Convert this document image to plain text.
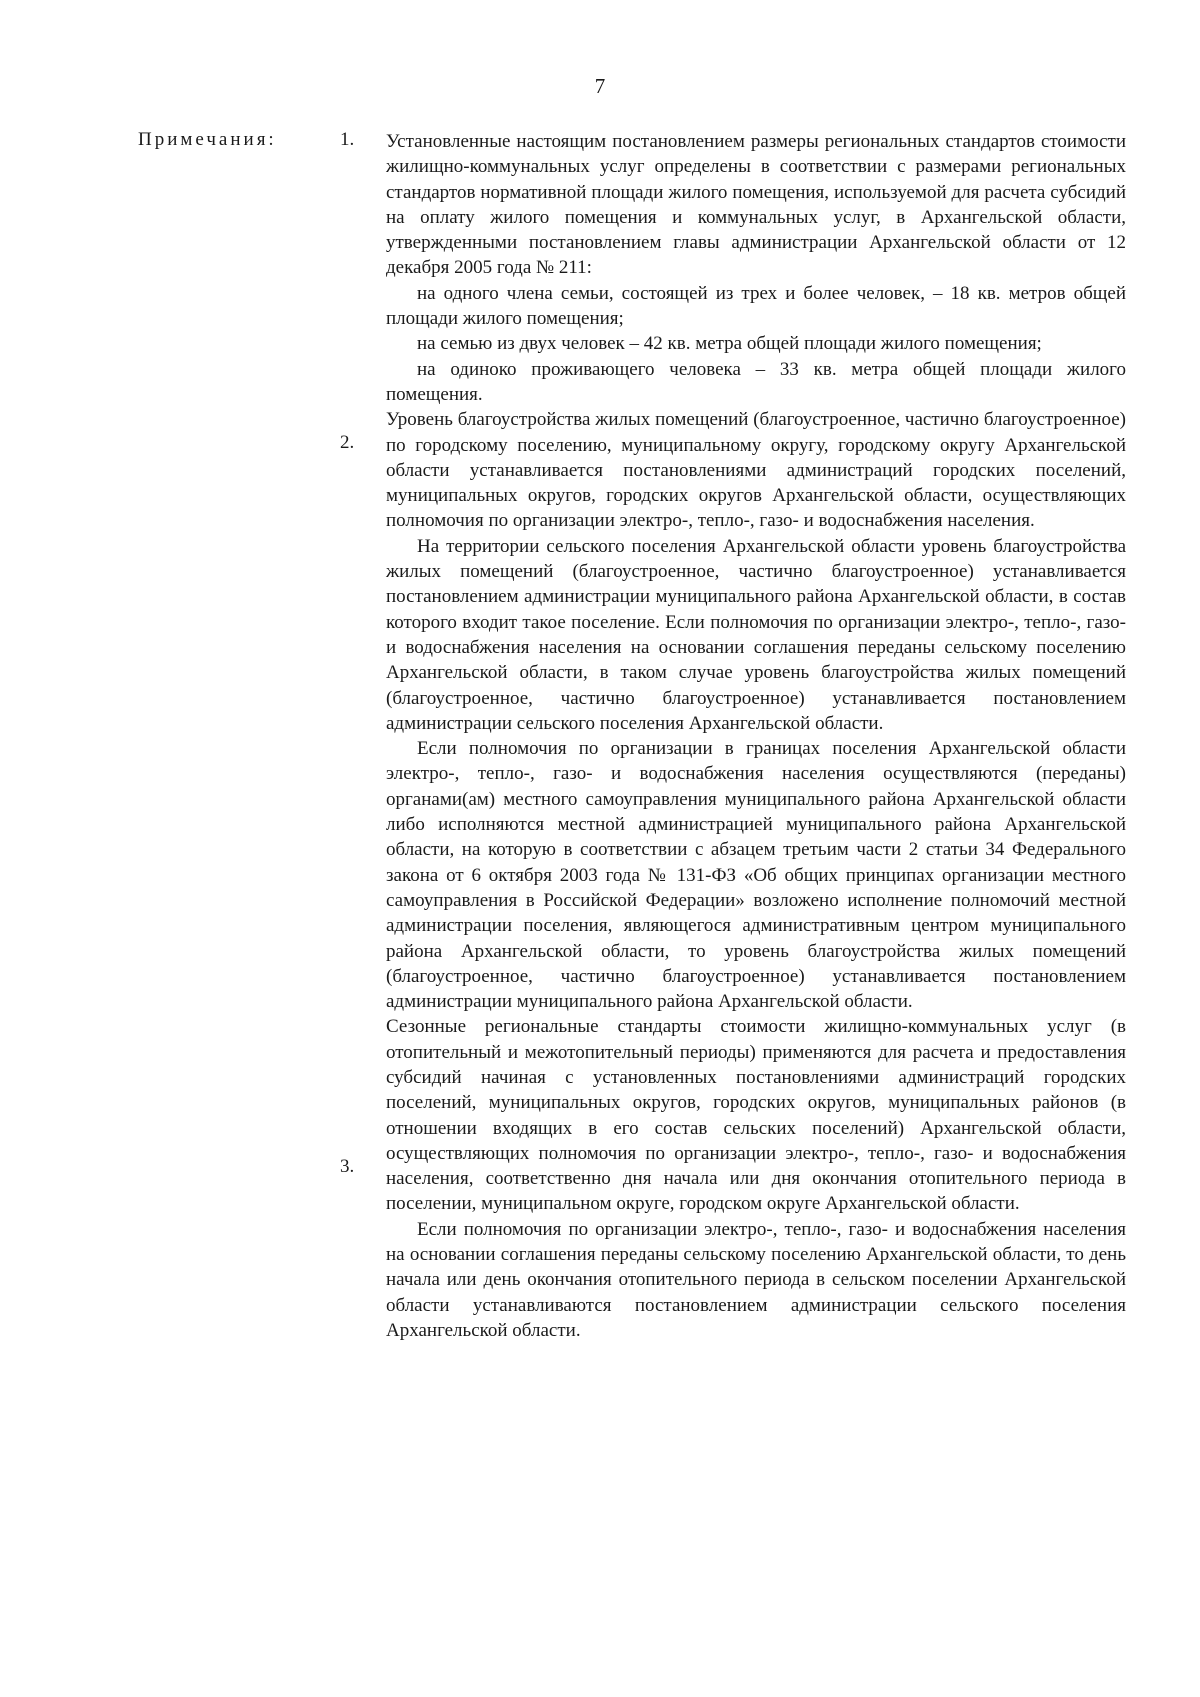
7
Примечания:	1.
2.
3.

Установленные настоящим постановлением размеры региональных стандартов стоимости жилищно-коммунальных услуг определены в соответствии с размерами региональных стандартов нормативной площади жилого помещения, используемой для расчета субсидий на оплату жилого помещения и коммунальных услуг, в Архангельской области, утвержденными постановлением главы администрации Архангельской области от 12 декабря 2005 года № 211:

на одного члена семьи, состоящей из трех и более человек, – 18 кв. метров общей площади жилого помещения;

на семью из двух человек – 42 кв. метра общей площади жилого помещения;

на одиноко проживающего человека – 33 кв. метра общей площади жилого помещения.

Уровень благоустройства жилых помещений (благоустроенное, частично благоустроенное) по городскому поселению, муниципальному округу, городскому округу Архангельской области устанавливается постановлениями администраций городских поселений, муниципальных округов, городских округов Архангельской области, осуществляющих полномочия по организации электро-, тепло-, газо- и водоснабжения населения.

На территории сельского поселения Архангельской области уровень благоустройства жилых помещений (благоустроенное, частично благоустроенное) устанавливается постановлением администрации муниципального района Архангельской области, в состав которого входит такое поселение. Если полномочия по организации электро-, тепло-, газо- и водоснабжения населения на основании соглашения переданы сельскому поселению Архангельской области, в таком случае уровень благоустройства жилых помещений (благоустроенное, частично благоустроенное) устанавливается постановлением администрации сельского поселения Архангельской области.

Если полномочия по организации в границах поселения Архангельской области электро-, тепло-, газо- и водоснабжения населения осуществляются (переданы) органами(ам) местного самоуправления муниципального района Архангельской области либо исполняются местной администрацией муниципального района Архангельской области, на которую в соответствии с абзацем третьим части 2 статьи 34 Федерального закона от 6 октября 2003 года № 131-ФЗ «Об общих принципах организации местного самоуправления в Российской Федерации» возложено исполнение полномочий местной администрации поселения, являющегося административным центром муниципального района Архангельской области, то уровень благоустройства жилых помещений (благоустроенное, частично благоустроенное) устанавливается постановлением администрации муниципального района Архангельской области.

Сезонные региональные стандарты стоимости жилищно-коммунальных услуг (в отопительный и межотопительный периоды) применяются для расчета и предоставления субсидий начиная с установленных постановлениями администраций городских поселений, муниципальных округов, городских округов, муниципальных районов (в отношении входящих в его состав сельских поселений) Архангельской области, осуществляющих полномочия по организации электро-, тепло-, газо- и водоснабжения населения, соответственно дня начала или дня окончания отопительного периода в поселении, муниципальном округе, городском округе Архангельской области.

Если полномочия по организации электро-, тепло-, газо- и водоснабжения населения на основании соглашения переданы сельскому поселению Архангельской области, то день начала или день окончания отопительного периода в сельском поселении Архангельской области устанавливаются постановлением администрации сельского поселения Архангельской области.
